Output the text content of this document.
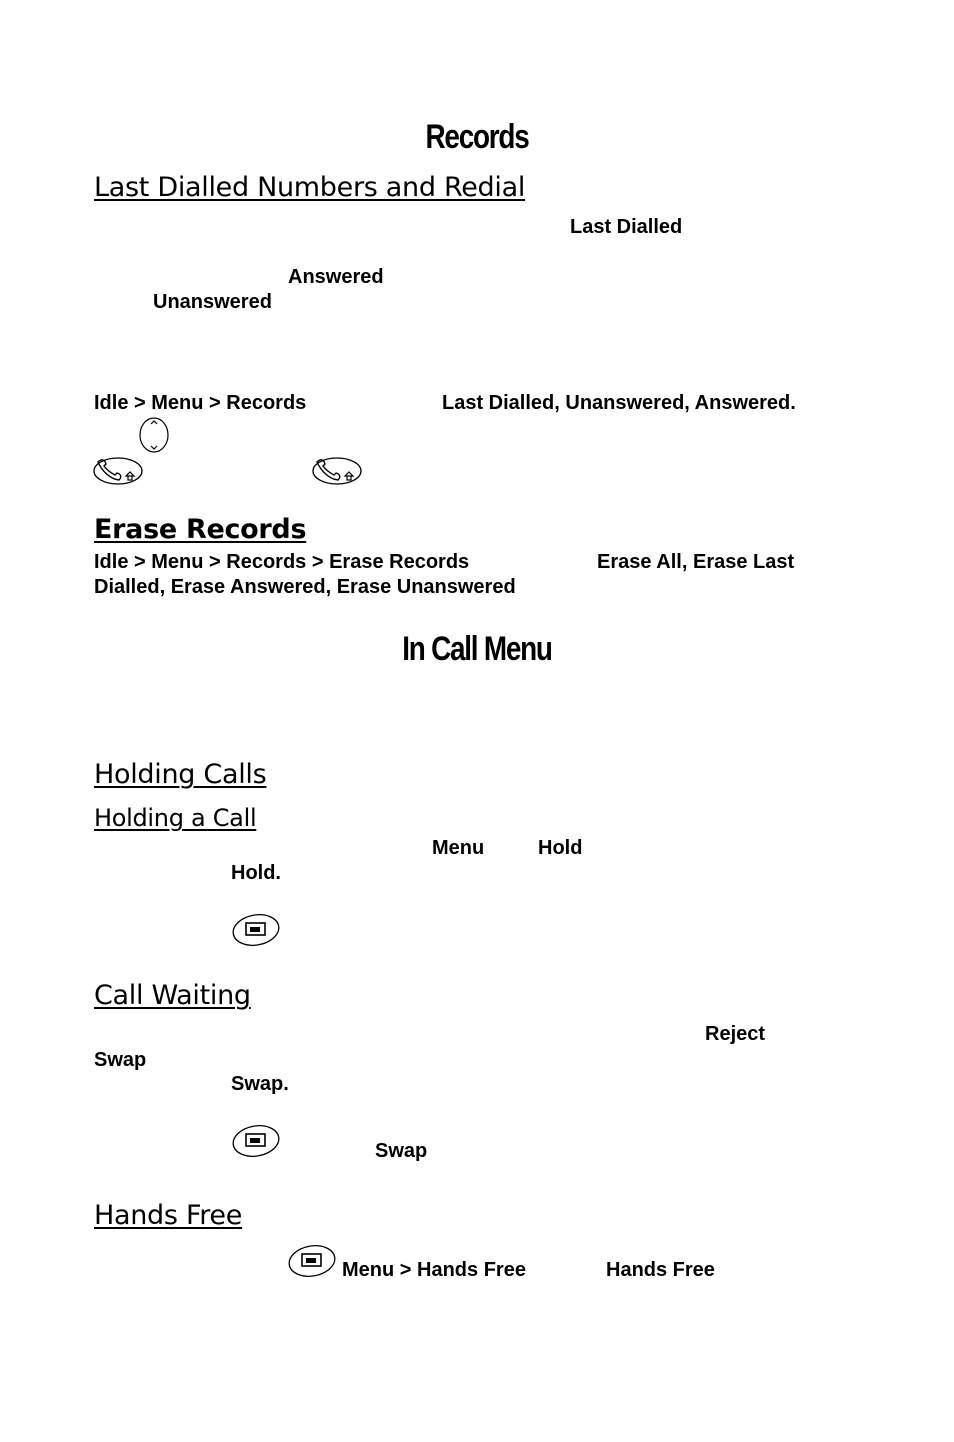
Records
Last Dialled Numbers and Redial
Last Dialled
Answered
Unanswered
Idle > Menu > Records	Last Dialled, Unanswered, Answered.
Erase Records
Idle > Menu > Records > Erase Records	Erase All, Erase Last
Dialled, Erase Answered, Erase Unanswered
In Call Menu
Holding Calls
Holding a Call
Menu	Hold
Hold.
Call Waiting
Reject
Swap
Swap.
Swap
Hands Free
Menu > Hands Free	Hands Free
